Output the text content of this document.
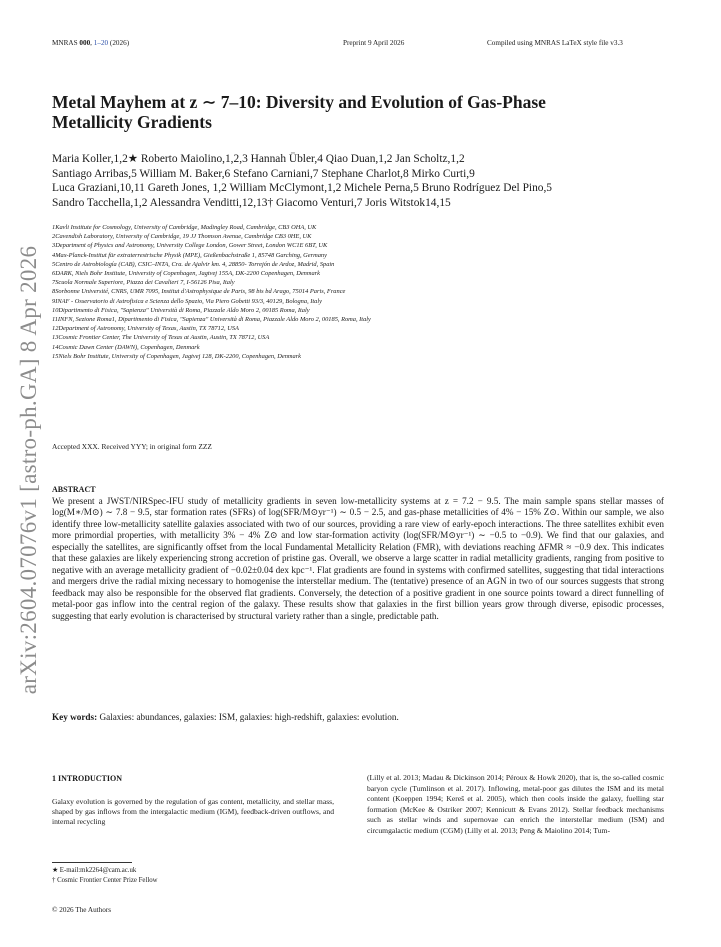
MNRAS 000, 1–20 (2026)	Preprint 9 April 2026	Compiled using MNRAS LaTeX style file v3.3
arXiv:2604.07076v1 [astro-ph.GA] 8 Apr 2026
Metal Mayhem at z ∼ 7–10: Diversity and Evolution of Gas-Phase
Metallicity Gradients
Maria Koller,1,2★ Roberto Maiolino,1,2,3 Hannah Übler,4 Qiao Duan,1,2 Jan Scholtz,1,2
Santiago Arribas,5 William M. Baker,6 Stefano Carniani,7 Stephane Charlot,8 Mirko Curti,9
Luca Graziani,10,11 Gareth Jones, 1,2 William McClymont,1,2 Michele Perna,5 Bruno Rodríguez Del Pino,5
Sandro Tacchella,1,2 Alessandra Venditti,12,13† Giacomo Venturi,7 Joris Witstok14,15
1Kavli Institute for Cosmology, University of Cambridge, Madingley Road, Cambridge, CB3 OHA, UK
2Cavendish Laboratory, University of Cambridge, 19 JJ Thomson Avenue, Cambridge CB3 0HE, UK
3Department of Physics and Astronomy, University College London, Gower Street, London WC1E 6BT, UK
4Max-Planck-Institut für extraterrestrische Physik (MPE), Gießenbachstraße 1, 85748 Garching, Germany
5Centro de Astrobiología (CAB), CSIC–INTA, Cra. de Ajalvir km. 4, 28850- Torrejón de Ardoz, Madrid, Spain
6DARK, Niels Bohr Institute, University of Copenhagen, Jagtvej 155A, DK-2200 Copenhagen, Denmark
7Scuola Normale Superiore, Piazza dei Cavalieri 7, I-56126 Pisa, Italy
8Sorbonne Université, CNRS, UMR 7095, Institut d'Astrophysique de Paris, 98 bis bd Arago, 75014 Paris, France
9INAF - Osservatorio di Astrofisica e Scienza dello Spazio, Via Piero Gobetti 93/3, 40129, Bologna, Italy
10Dipartimento di Fisica, "Sapienza" Università di Roma, Piazzale Aldo Moro 2, 00185 Roma, Italy
11INFN, Sezione Roma1, Dipartimento di Fisica, "Sapienza" Università di Roma, Piazzale Aldo Moro 2, 00185, Roma, Italy
12Department of Astronomy, University of Texas, Austin, TX 78712, USA
13Cosmic Frontier Center, The University of Texas at Austin, Austin, TX 78712, USA
14Cosmic Dawn Center (DAWN), Copenhagen, Denmark
15Niels Bohr Institute, University of Copenhagen, Jagtvej 128, DK-2200, Copenhagen, Denmark
Accepted XXX. Received YYY; in original form ZZZ
ABSTRACT
We present a JWST/NIRSpec-IFU study of metallicity gradients in seven low-metallicity systems at z = 7.2 − 9.5. The main sample spans stellar masses of log(M∗/M⊙) ∼ 7.8 − 9.5, star formation rates (SFRs) of log(SFR/M⊙yr⁻¹) ∼ 0.5 − 2.5, and gas-phase metallicities of 4% − 15% Z⊙. Within our sample, we also identify three low-metallicity satellite galaxies associated with two of our sources, providing a rare view of early-epoch interactions. The three satellites exhibit even more primordial properties, with metallicity 3% − 4% Z⊙ and low star-formation activity (log(SFR/M⊙yr⁻¹) ∼ −0.5 to −0.9). We find that our galaxies, and especially the satellites, are significantly offset from the local Fundamental Metallicity Relation (FMR), with deviations reaching ΔFMR ≈ −0.9 dex. This indicates that these galaxies are likely experiencing strong accretion of pristine gas. Overall, we observe a large scatter in radial metallicity gradients, ranging from positive to negative with an average metallicity gradient of −0.02±0.04 dex kpc⁻¹. Flat gradients are found in systems with confirmed satellites, suggesting that tidal interactions and mergers drive the radial mixing necessary to homogenise the interstellar medium. The (tentative) presence of an AGN in two of our sources suggests that strong feedback may also be responsible for the observed flat gradients. Conversely, the detection of a positive gradient in one source points toward a direct funnelling of metal-poor gas inflow into the central region of the galaxy. These results show that galaxies in the first billion years grow through diverse, episodic processes, suggesting that early evolution is characterised by structural variety rather than a single, predictable path.
Key words: Galaxies: abundances, galaxies: ISM, galaxies: high-redshift, galaxies: evolution.
1 INTRODUCTION
Galaxy evolution is governed by the regulation of gas content, metallicity, and stellar mass, shaped by gas inflows from the intergalactic medium (IGM), feedback-driven outflows, and internal recycling
(Lilly et al. 2013; Madau & Dickinson 2014; Péroux & Howk 2020), that is, the so-called cosmic baryon cycle (Tumlinson et al. 2017). Inflowing, metal-poor gas dilutes the ISM and its metal content (Koeppen 1994; Kereš et al. 2005), which then cools inside the galaxy, fuelling star formation (McKee & Ostriker 2007; Kennicutt & Evans 2012). Stellar feedback mechanisms such as stellar winds and supernovae can enrich the interstellar medium (ISM) and circumgalactic medium (CGM) (Lilly et al. 2013; Peng & Maiolino 2014; Tum-
★ E-mail:mk2264@cam.ac.uk
† Cosmic Frontier Center Prize Fellow
© 2026 The Authors
